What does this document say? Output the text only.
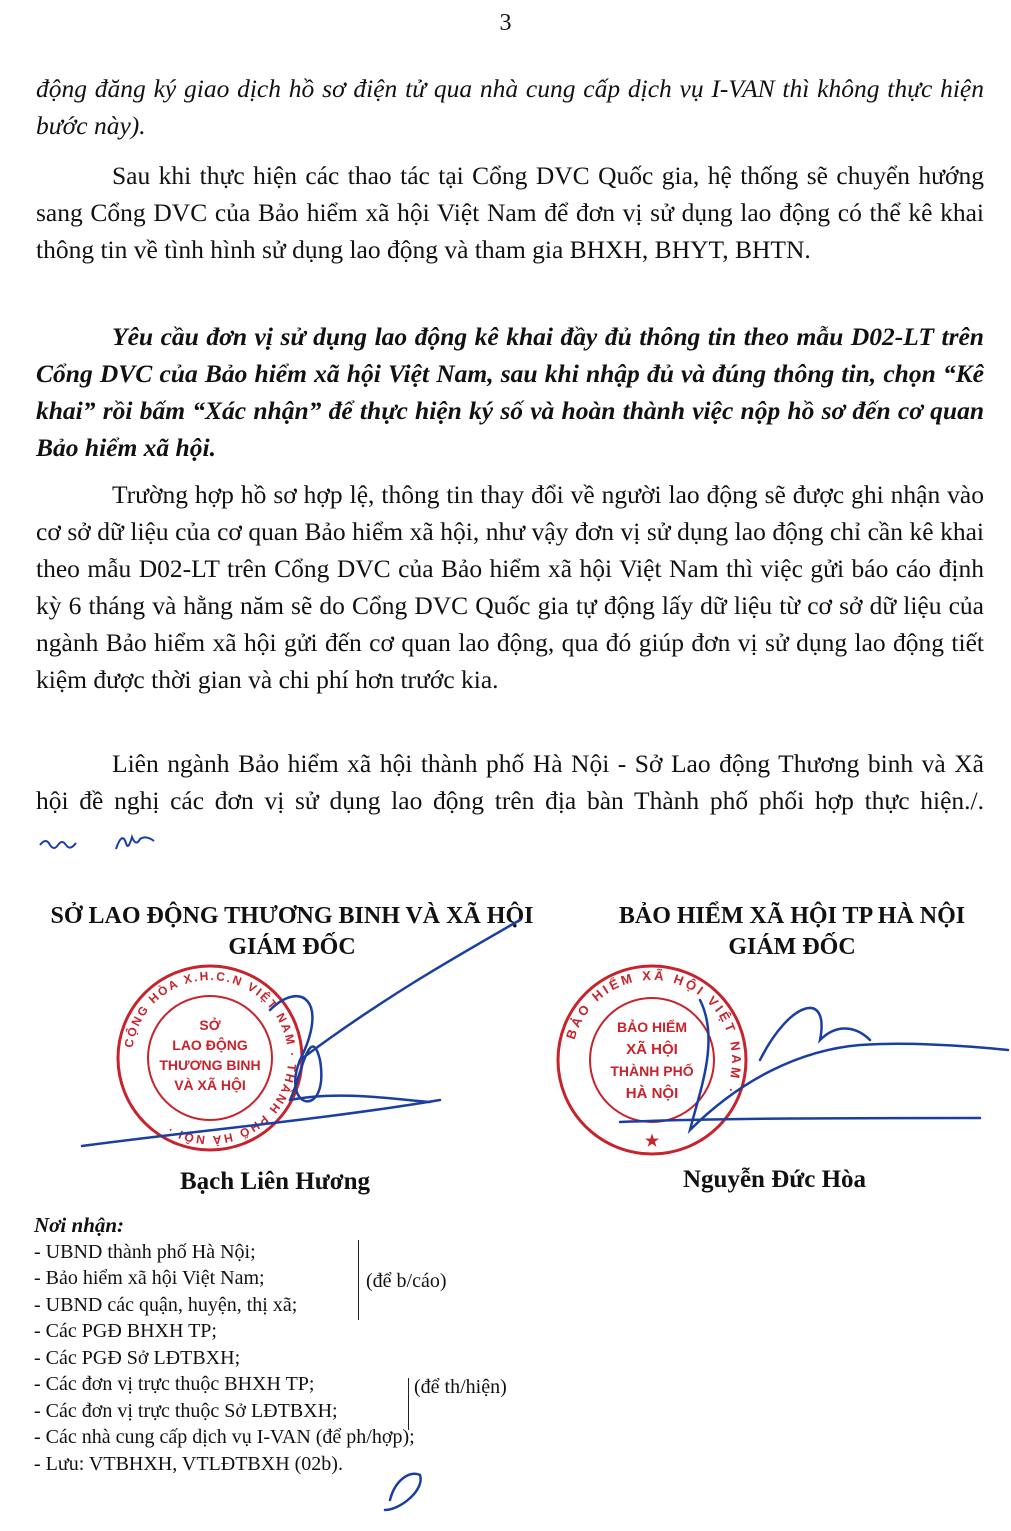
3

động đăng ký giao dịch hồ sơ điện tử qua nhà cung cấp dịch vụ I-VAN thì không thực hiện bước này).

Sau khi thực hiện các thao tác tại Cổng DVC Quốc gia, hệ thống sẽ chuyển hướng sang Cổng DVC của Bảo hiểm xã hội Việt Nam để đơn vị sử dụng lao động có thể kê khai thông tin về tình hình sử dụng lao động và tham gia BHXH, BHYT, BHTN.

Yêu cầu đơn vị sử dụng lao động kê khai đầy đủ thông tin theo mẫu D02-LT trên Cổng DVC của Bảo hiểm xã hội Việt Nam, sau khi nhập đủ và đúng thông tin, chọn “Kê khai” rồi bấm “Xác nhận” để thực hiện ký số và hoàn thành việc nộp hồ sơ đến cơ quan Bảo hiểm xã hội.

Trường hợp hồ sơ hợp lệ, thông tin thay đổi về người lao động sẽ được ghi nhận vào cơ sở dữ liệu của cơ quan Bảo hiểm xã hội, như vậy đơn vị sử dụng lao động chỉ cần kê khai theo mẫu D02-LT trên Cổng DVC của Bảo hiểm xã hội Việt Nam thì việc gửi báo cáo định kỳ 6 tháng và hằng năm sẽ do Cổng DVC Quốc gia tự động lấy dữ liệu từ cơ sở dữ liệu của ngành Bảo hiểm xã hội gửi đến cơ quan lao động, qua đó giúp đơn vị sử dụng lao động tiết kiệm được thời gian và chi phí hơn trước kia.

Liên ngành Bảo hiểm xã hội thành phố Hà Nội - Sở Lao động Thương binh và Xã hội đề nghị các đơn vị sử dụng lao động trên địa bàn Thành phố phối hợp thực hiện./.

SỞ LAO ĐỘNG THƯƠNG BINH VÀ XÃ HỘI
GIÁM ĐỐC
BẢO HIỂM XÃ HỘI TP HÀ NỘI
GIÁM ĐỐC
CỘNG HÒA X.H.C.N VIỆT NAM · THÀNH PHỐ HÀ NỘI ·
SỞ
LAO ĐỘNG
THƯƠNG BINH
VÀ XÃ HỘI
BẢO HIỂM XÃ HỘI VIỆT NAM ·
BẢO HIỂM
XÃ HỘI
THÀNH PHỐ
HÀ NỘI
★
Bạch Liên Hương	Nguyễn Đức Hòa
Nơi nhận:
- UBND thành phố Hà Nội;
- Bảo hiểm xã hội Việt Nam;
- UBND các quận, huyện, thị xã;
- Các PGĐ BHXH TP;
- Các PGĐ Sở LĐTBXH;
- Các đơn vị trực thuộc BHXH TP;
- Các đơn vị trực thuộc Sở LĐTBXH;
- Các nhà cung cấp dịch vụ I-VAN (để ph/hợp);
- Lưu: VTBHXH, VTLĐTBXH (02b).
(để b/cáo)
(để th/hiện)
